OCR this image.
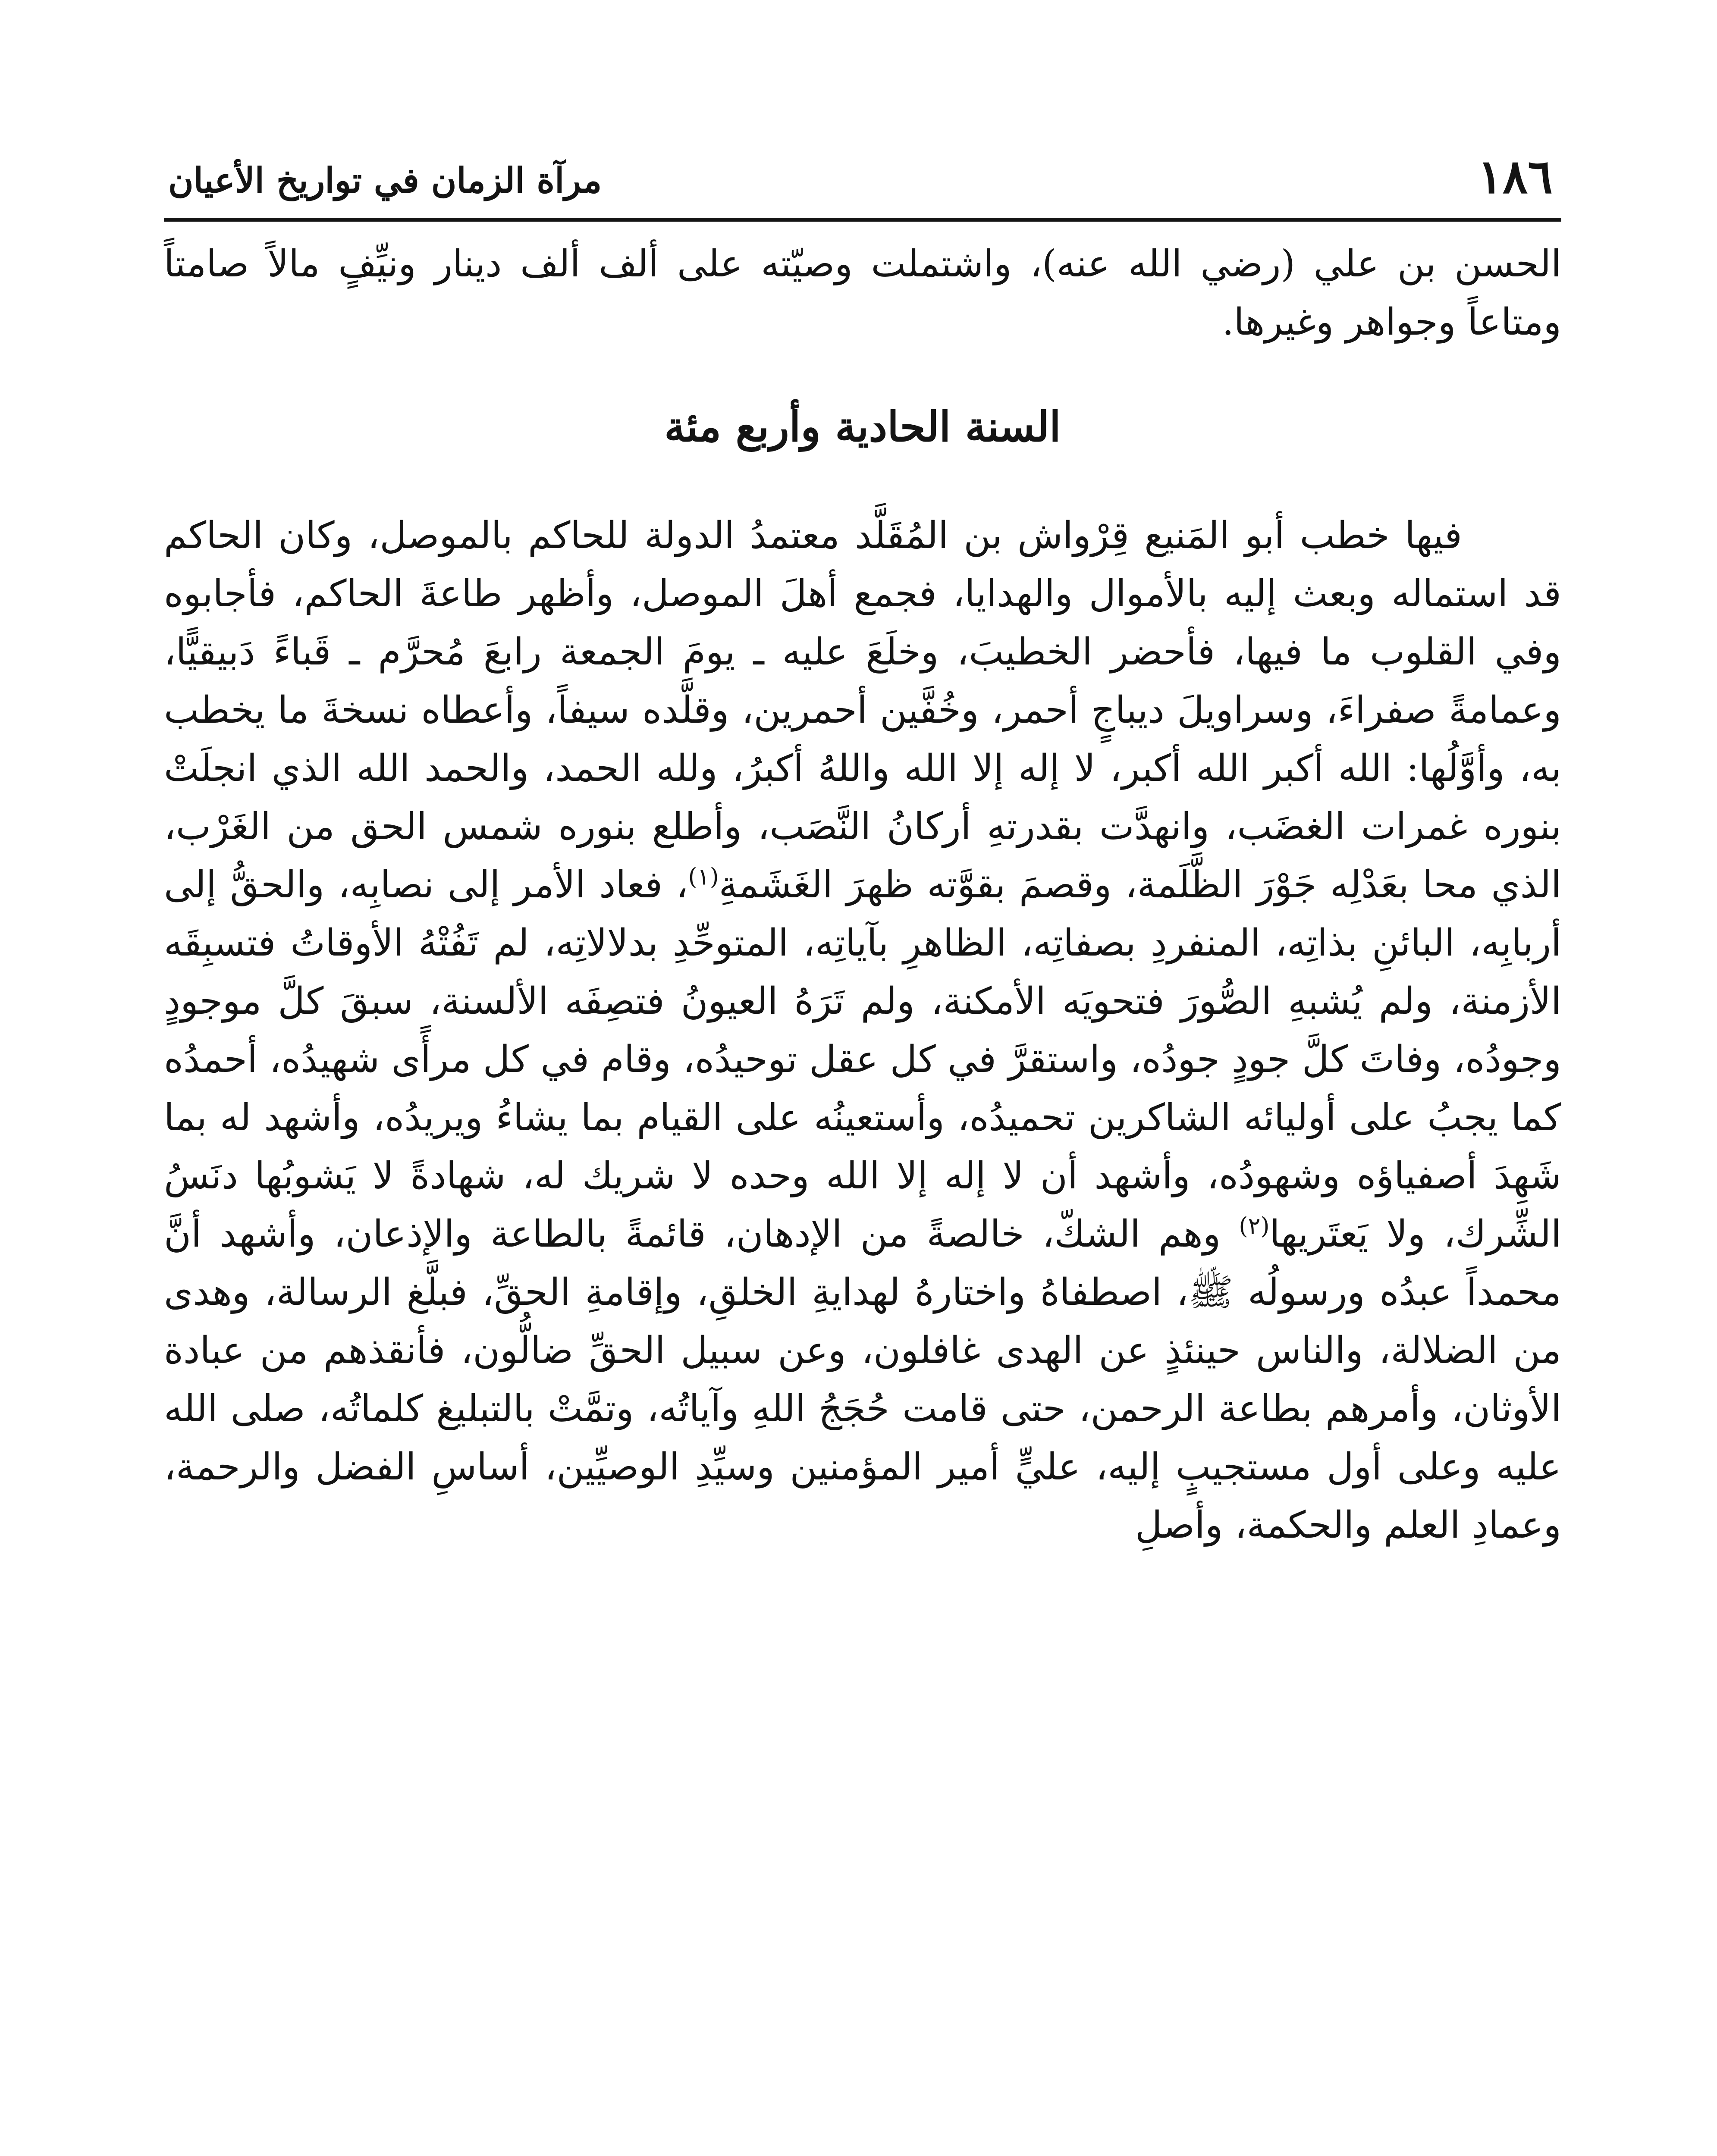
١٨٦
مرآة الزمان في تواريخ الأعيان

الحسن بن علي (رضي الله عنه)، واشتملت وصيّته على ألف ألف دينار ونيِّفٍ مالاً صامتاً ومتاعاً وجواهر وغيرها.

السنة الحادية وأربع مئة

فيها خطب أبو المَنيع قِرْواش بن المُقَلَّد معتمدُ الدولة للحاكم بالموصل، وكان الحاكم قد استماله وبعث إليه بالأموال والهدايا، فجمع أهلَ الموصل، وأظهر طاعةَ الحاكم، فأجابوه وفي القلوب ما فيها، فأحضر الخطيبَ، وخلَعَ عليه ـ يومَ الجمعة رابعَ مُحرَّم ـ قَباءً دَبيقيًّا، وعمامةً صفراءَ، وسراويلَ ديباجٍ أحمر، وخُفَّين أحمرين، وقلَّده سيفاً، وأعطاه نسخةَ ما يخطب به، وأوَّلُها: الله أكبر الله أكبر، لا إله إلا الله واللهُ أكبرُ، ولله الحمد، والحمد الله الذي انجلَتْ بنوره غمرات الغضَب، وانهدَّت بقدرتهِ أركانُ النَّصَب، وأطلع بنوره شمس الحق من الغَرْب، الذي محا بعَدْلِه جَوْرَ الظَّلَمة، وقصمَ بقوَّته ظهرَ الغَشَمةِ$^{(١)}$، فعاد الأمر إلى نصابِه، والحقُّ إلى أربابِه، البائنِ بذاتِه، المنفردِ بصفاتِه، الظاهرِ بآياتِه، المتوحِّدِ بدلالاتِه، لم تَفُتْهُ الأوقاتُ فتسبِقَه الأزمنة، ولم يُشبهِ الصُّورَ فتحويَه الأمكنة، ولم تَرَهُ العيونُ فتصِفَه الألسنة، سبقَ كلَّ موجودٍ وجودُه، وفاتَ كلَّ جودٍ جودُه، واستقرَّ في كل عقل توحيدُه، وقام في كل مرأًى شهيدُه، أحمدُه كما يجبُ على أوليائه الشاكرين تحميدُه، وأستعينُه على القيام بما يشاءُ ويريدُه، وأشهد له بما شَهِدَ أصفياؤه وشهودُه، وأشهد أن لا إله إلا الله وحده لا شريك له، شهادةً لا يَشوبُها دنَسُ الشِّرك، ولا يَعتَريها$^{(٢)}$ وهم الشكّ، خالصةً من الإدهان، قائمةً بالطاعة والإذعان، وأشهد أنَّ محمداً عبدُه ورسولُه ﷺ، اصطفاهُ واختارهُ لهدايةِ الخلقِ، وإقامةِ الحقِّ، فبلَّغ الرسالة، وهدى من الضلالة، والناس حينئذٍ عن الهدى غافلون، وعن سبيل الحقِّ ضالُّون، فأنقذهم من عبادة الأوثان، وأمرهم بطاعة الرحمن، حتى قامت حُجَجُ اللهِ وآياتُه، وتمَّتْ بالتبليغ كلماتُه، صلى الله عليه وعلى أول مستجيبٍ إليه، عليٍّ أمير المؤمنين وسيِّدِ الوصيِّين، أساسِ الفضل والرحمة، وعمادِ العلم والحكمة، وأصلِ
